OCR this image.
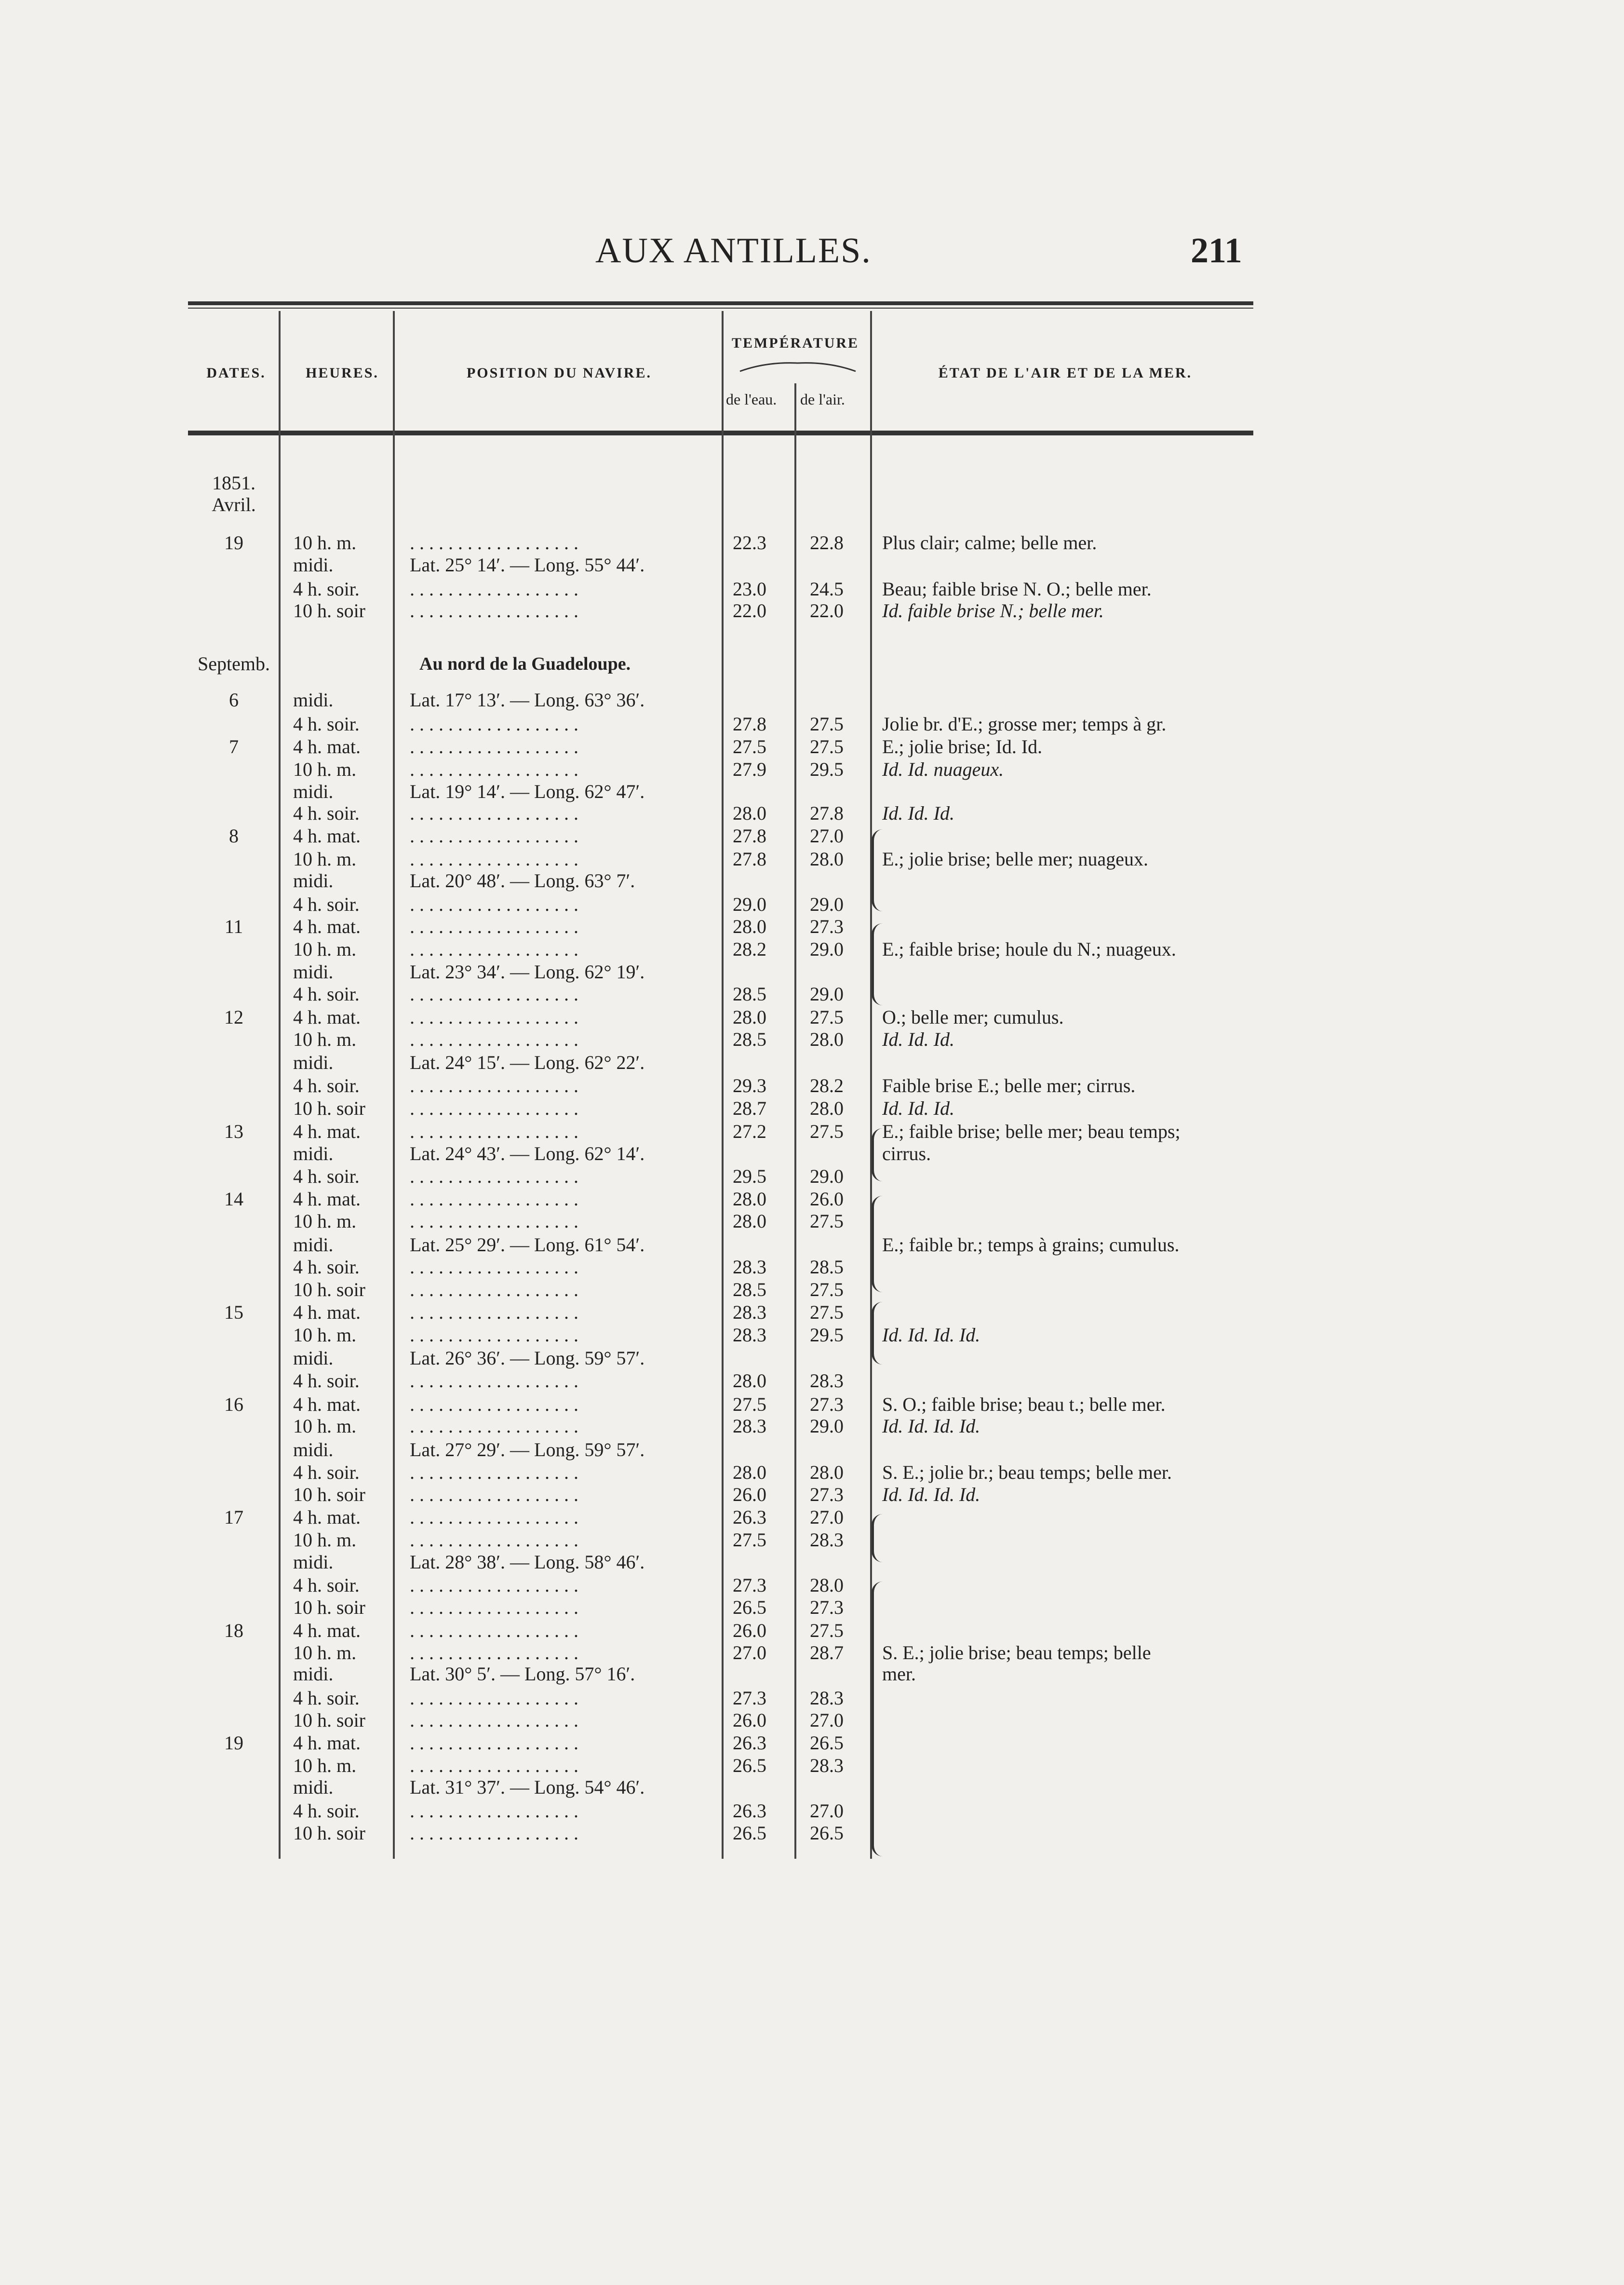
AUX ANTILLES.	211
DATES.	HEURES.	POSITION DU NAVIRE.
TEMPÉRATURE
de l'eau. de l'air.
ÉTAT DE L'AIR ET DE LA MER.
1851.
Avril.
19	10 h. m.	. . . . . . . . . . . . . . . . . .	22.3 22.8 Plus clair; calme; belle mer.
midi.	Lat. 25° 14′. — Long. 55° 44′.
4 h. soir.	. . . . . . . . . . . . . . . . . .	23.0 24.5 Beau; faible brise N. O.; belle mer.
10 h. soir . . . . . . . . . . . . . . . . . .	22.0 22.0 Id. faible brise N.; belle mer.
Septemb.	Au nord de la Guadeloupe.
6	midi.	Lat. 17° 13′. — Long. 63° 36′.
4 h. soir.	. . . . . . . . . . . . . . . . . .	27.8 27.5 Jolie br. d'E.; grosse mer; temps à gr.
7	4 h. mat.	. . . . . . . . . . . . . . . . . .	27.5 27.5 E.; jolie brise; Id. Id.
10 h. m.	. . . . . . . . . . . . . . . . . .	27.9 29.5 Id. Id. nuageux.
midi.	Lat. 19° 14′. — Long. 62° 47′.
4 h. soir.	. . . . . . . . . . . . . . . . . .	28.0 27.8 Id. Id. Id.
8	4 h. mat.	. . . . . . . . . . . . . . . . . .	27.8 27.0
10 h. m.	. . . . . . . . . . . . . . . . . .	27.8 28.0 E.; jolie brise; belle mer; nuageux.
midi.	Lat. 20° 48′. — Long. 63° 7′.
4 h. soir.	. . . . . . . . . . . . . . . . . .	29.0 29.0
11	4 h. mat.	. . . . . . . . . . . . . . . . . .	28.0 27.3
10 h. m.	. . . . . . . . . . . . . . . . . .	28.2 29.0 E.; faible brise; houle du N.; nuageux.
midi.	Lat. 23° 34′. — Long. 62° 19′.
4 h. soir.	. . . . . . . . . . . . . . . . . .	28.5 29.0
12	4 h. mat.	. . . . . . . . . . . . . . . . . .	28.0 27.5 O.; belle mer; cumulus.
10 h. m.	. . . . . . . . . . . . . . . . . .	28.5 28.0 Id. Id. Id.
midi.	Lat. 24° 15′. — Long. 62° 22′.
4 h. soir.	. . . . . . . . . . . . . . . . . .	29.3 28.2 Faible brise E.; belle mer; cirrus.
10 h. soir . . . . . . . . . . . . . . . . . .	28.7 28.0 Id. Id. Id.
13	4 h. mat.	. . . . . . . . . . . . . . . . . .	27.2 27.5 E.; faible brise; belle mer; beau temps;
midi.	Lat. 24° 43′. — Long. 62° 14′.	cirrus.
4 h. soir.	. . . . . . . . . . . . . . . . . .	29.5 29.0
14	4 h. mat.	. . . . . . . . . . . . . . . . . .	28.0 26.0
10 h. m.	. . . . . . . . . . . . . . . . . .	28.0 27.5
midi.	Lat. 25° 29′. — Long. 61° 54′.	E.; faible br.; temps à grains; cumulus.
4 h. soir.	. . . . . . . . . . . . . . . . . .	28.3 28.5
10 h. soir . . . . . . . . . . . . . . . . . .	28.5 27.5
15	4 h. mat.	. . . . . . . . . . . . . . . . . .	28.3 27.5
10 h. m.	. . . . . . . . . . . . . . . . . .	28.3 29.5 Id. Id. Id. Id.
midi.	Lat. 26° 36′. — Long. 59° 57′.
4 h. soir.	. . . . . . . . . . . . . . . . . .	28.0 28.3
16	4 h. mat.	. . . . . . . . . . . . . . . . . .	27.5 27.3 S. O.; faible brise; beau t.; belle mer.
10 h. m.	. . . . . . . . . . . . . . . . . .	28.3 29.0 Id. Id. Id. Id.
midi.	Lat. 27° 29′. — Long. 59° 57′.
4 h. soir.	. . . . . . . . . . . . . . . . . .	28.0 28.0 S. E.; jolie br.; beau temps; belle mer.
10 h. soir . . . . . . . . . . . . . . . . . .	26.0 27.3 Id. Id. Id. Id.
17	4 h. mat.	. . . . . . . . . . . . . . . . . .	26.3 27.0
10 h. m.	. . . . . . . . . . . . . . . . . .	27.5 28.3
midi.	Lat. 28° 38′. — Long. 58° 46′.
4 h. soir.	. . . . . . . . . . . . . . . . . .	27.3 28.0
10 h. soir . . . . . . . . . . . . . . . . . .	26.5 27.3
18	4 h. mat.	. . . . . . . . . . . . . . . . . .	26.0 27.5
10 h. m.	. . . . . . . . . . . . . . . . . .	27.0 28.7 S. E.; jolie brise; beau temps; belle
midi.	Lat. 30° 5′. — Long. 57° 16′.	mer.
4 h. soir.	. . . . . . . . . . . . . . . . . .	27.3 28.3
10 h. soir . . . . . . . . . . . . . . . . . .	26.0 27.0
19	4 h. mat.	. . . . . . . . . . . . . . . . . .	26.3 26.5
10 h. m.	. . . . . . . . . . . . . . . . . .	26.5 28.3
midi.	Lat. 31° 37′. — Long. 54° 46′.
4 h. soir.	. . . . . . . . . . . . . . . . . .	26.3 27.0
10 h. soir . . . . . . . . . . . . . . . . . .	26.5 26.5
